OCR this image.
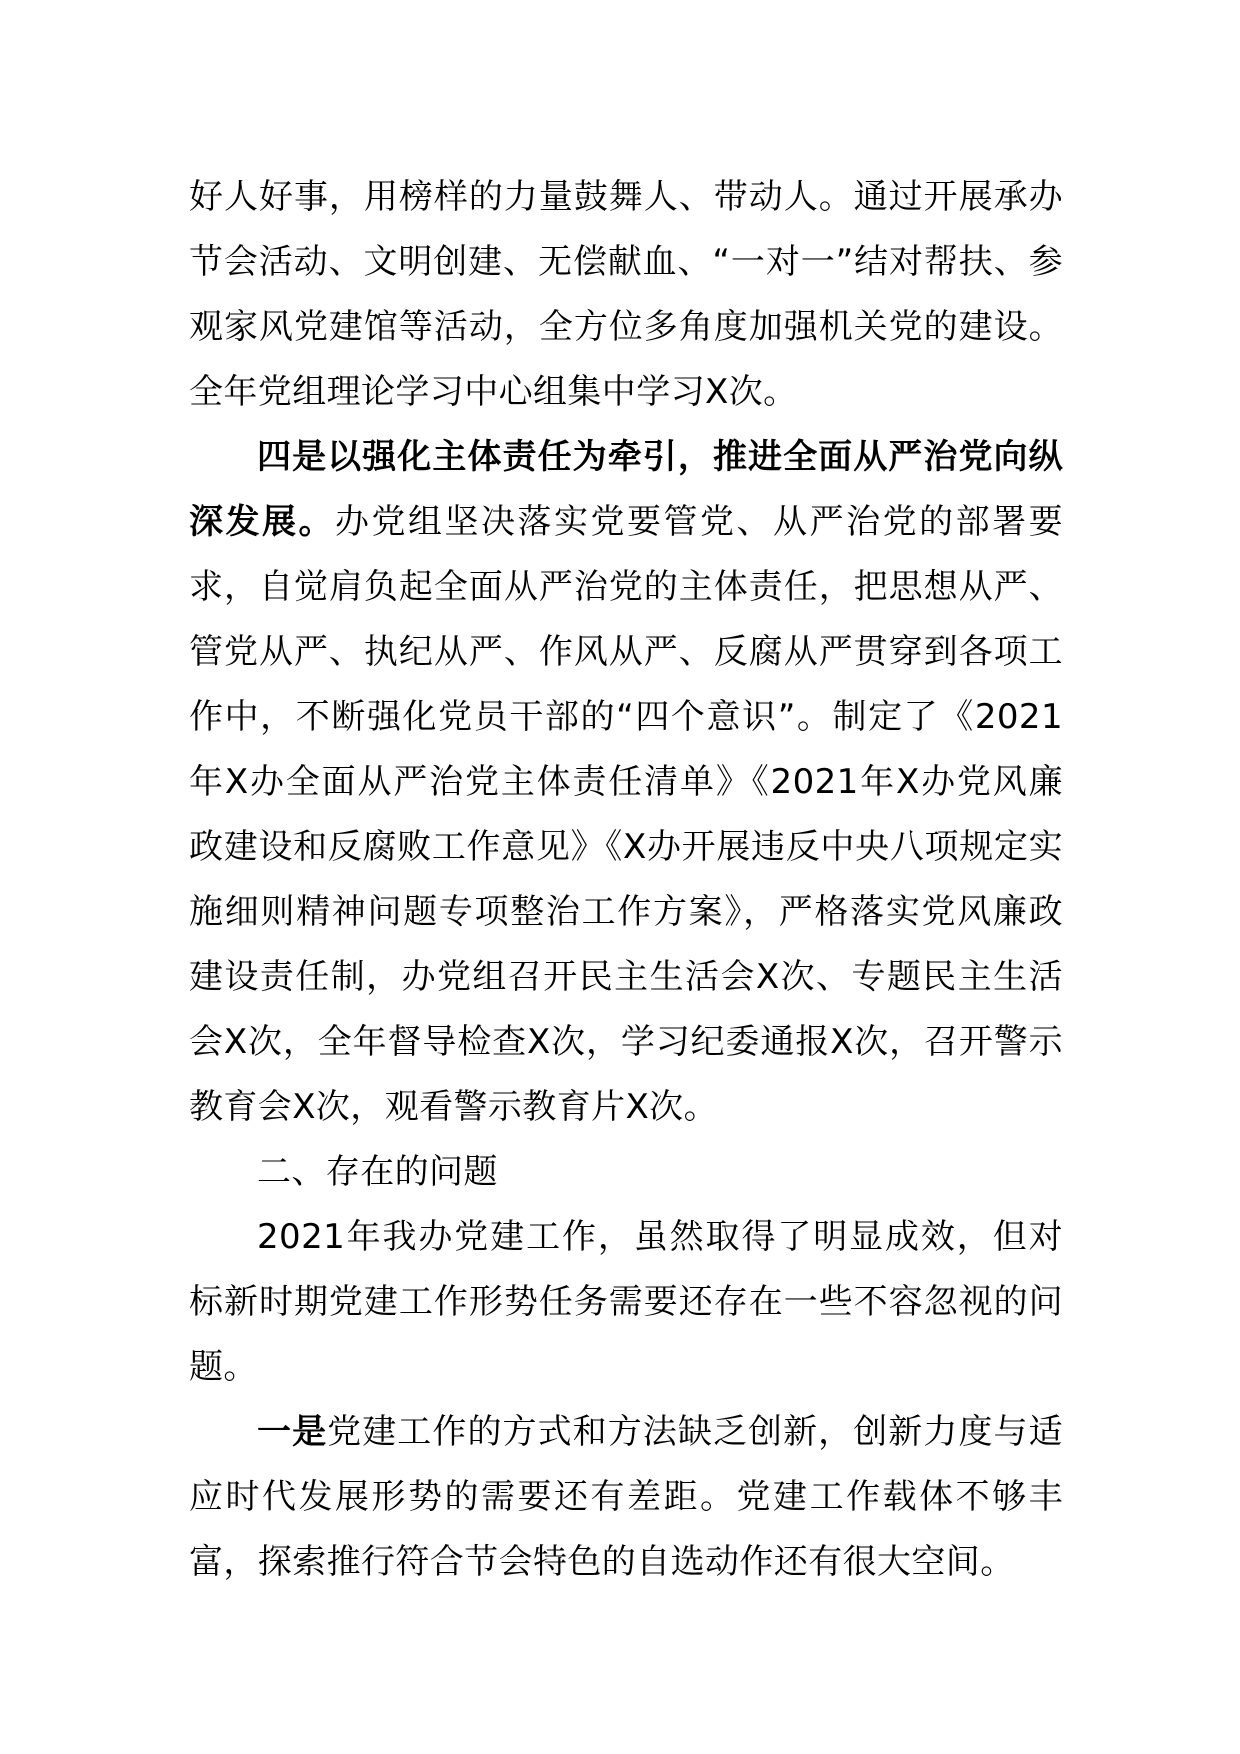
好人好事，用榜样的力量鼓舞人、带动人。通过开展承办节会活动、文明创建、无偿献血、“一对一”结对帮扶、参观家风党建馆等活动，全方位多角度加强机关党的建设。全年党组理论学习中心组集中学习X次。

四是以强化主体责任为牵引，推进全面从严治党向纵深发展。办党组坚决落实党要管党、从严治党的部署要求，自觉肩负起全面从严治党的主体责任，把思想从严、管党从严、执纪从严、作风从严、反腐从严贯穿到各项工作中，不断强化党员干部的“四个意识”。制定了《2021年X办全面从严治党主体责任清单》《2021年X办党风廉政建设和反腐败工作意见》《X办开展违反中央八项规定实施细则精神问题专项整治工作方案》，严格落实党风廉政建设责任制，办党组召开民主生活会X次、专题民主生活会X次，全年督导检查X次，学习纪委通报X次，召开警示教育会X次，观看警示教育片X次。

二、存在的问题

2021年我办党建工作，虽然取得了明显成效，但对标新时期党建工作形势任务需要还存在一些不容忽视的问题。

一是党建工作的方式和方法缺乏创新，创新力度与适应时代发展形势的需要还有差距。党建工作载体不够丰富，探索推行符合节会特色的自选动作还有很大空间。
